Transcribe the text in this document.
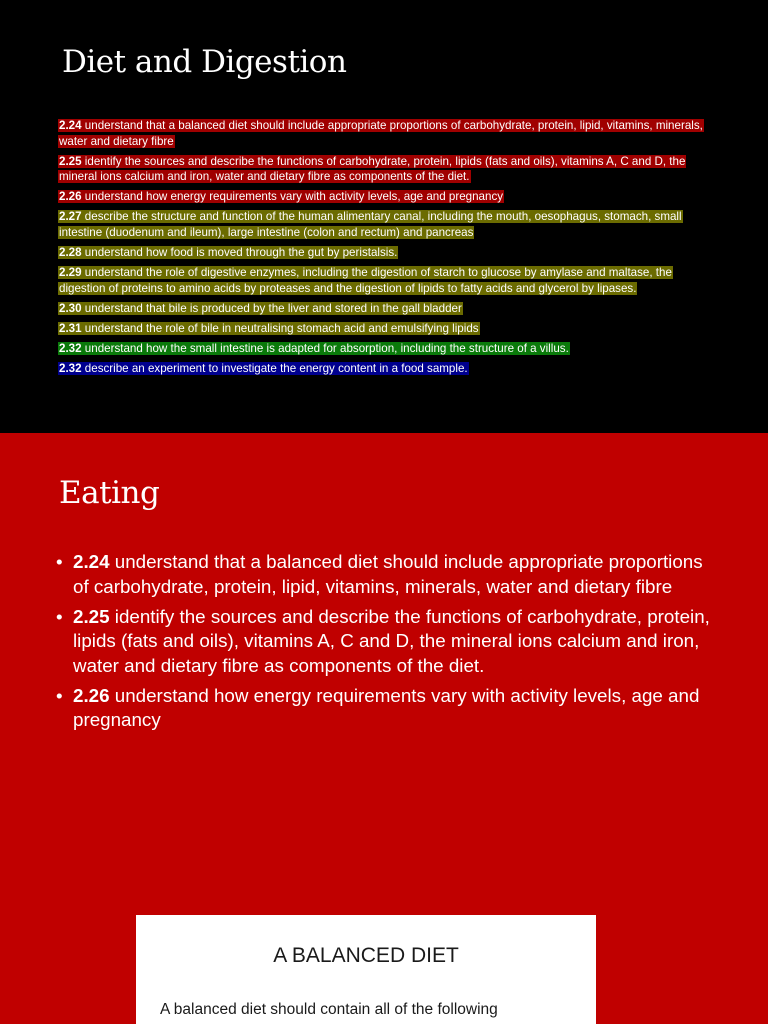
Diet and Digestion
2.24 understand that a balanced diet should include appropriate proportions of carbohydrate, protein, lipid, vitamins, minerals, water and dietary fibre
2.25 identify the sources and describe the functions of carbohydrate, protein, lipids (fats and oils), vitamins A, C and D, the mineral ions calcium and iron, water and dietary fibre as components of the diet.
2.26 understand how energy requirements vary with activity levels, age and pregnancy
2.27 describe the structure and function of the human alimentary canal, including the mouth, oesophagus, stomach, small intestine (duodenum and ileum), large intestine (colon and rectum) and pancreas
2.28 understand how food is moved through the gut by peristalsis.
2.29 understand the role of digestive enzymes, including the digestion of starch to glucose by amylase and maltase, the digestion of proteins to amino acids by proteases and the digestion of lipids to fatty acids and glycerol by lipases.
2.30 understand that bile is produced by the liver and stored in the gall bladder
2.31 understand the role of bile in neutralising stomach acid and emulsifying lipids
2.32 understand how the small intestine is adapted for absorption, including the structure of a villus.
2.32 describe an experiment to investigate the energy content in a food sample.
Eating
• 2.24 understand that a balanced diet should include appropriate proportions of carbohydrate, protein, lipid, vitamins, minerals, water and dietary fibre
• 2.25 identify the sources and describe the functions of carbohydrate, protein, lipids (fats and oils), vitamins A, C and D, the mineral ions calcium and iron, water and dietary fibre as components of the diet.
• 2.26 understand how energy requirements vary with activity levels, age and pregnancy
A BALANCED DIET
A balanced diet should contain all of the following
